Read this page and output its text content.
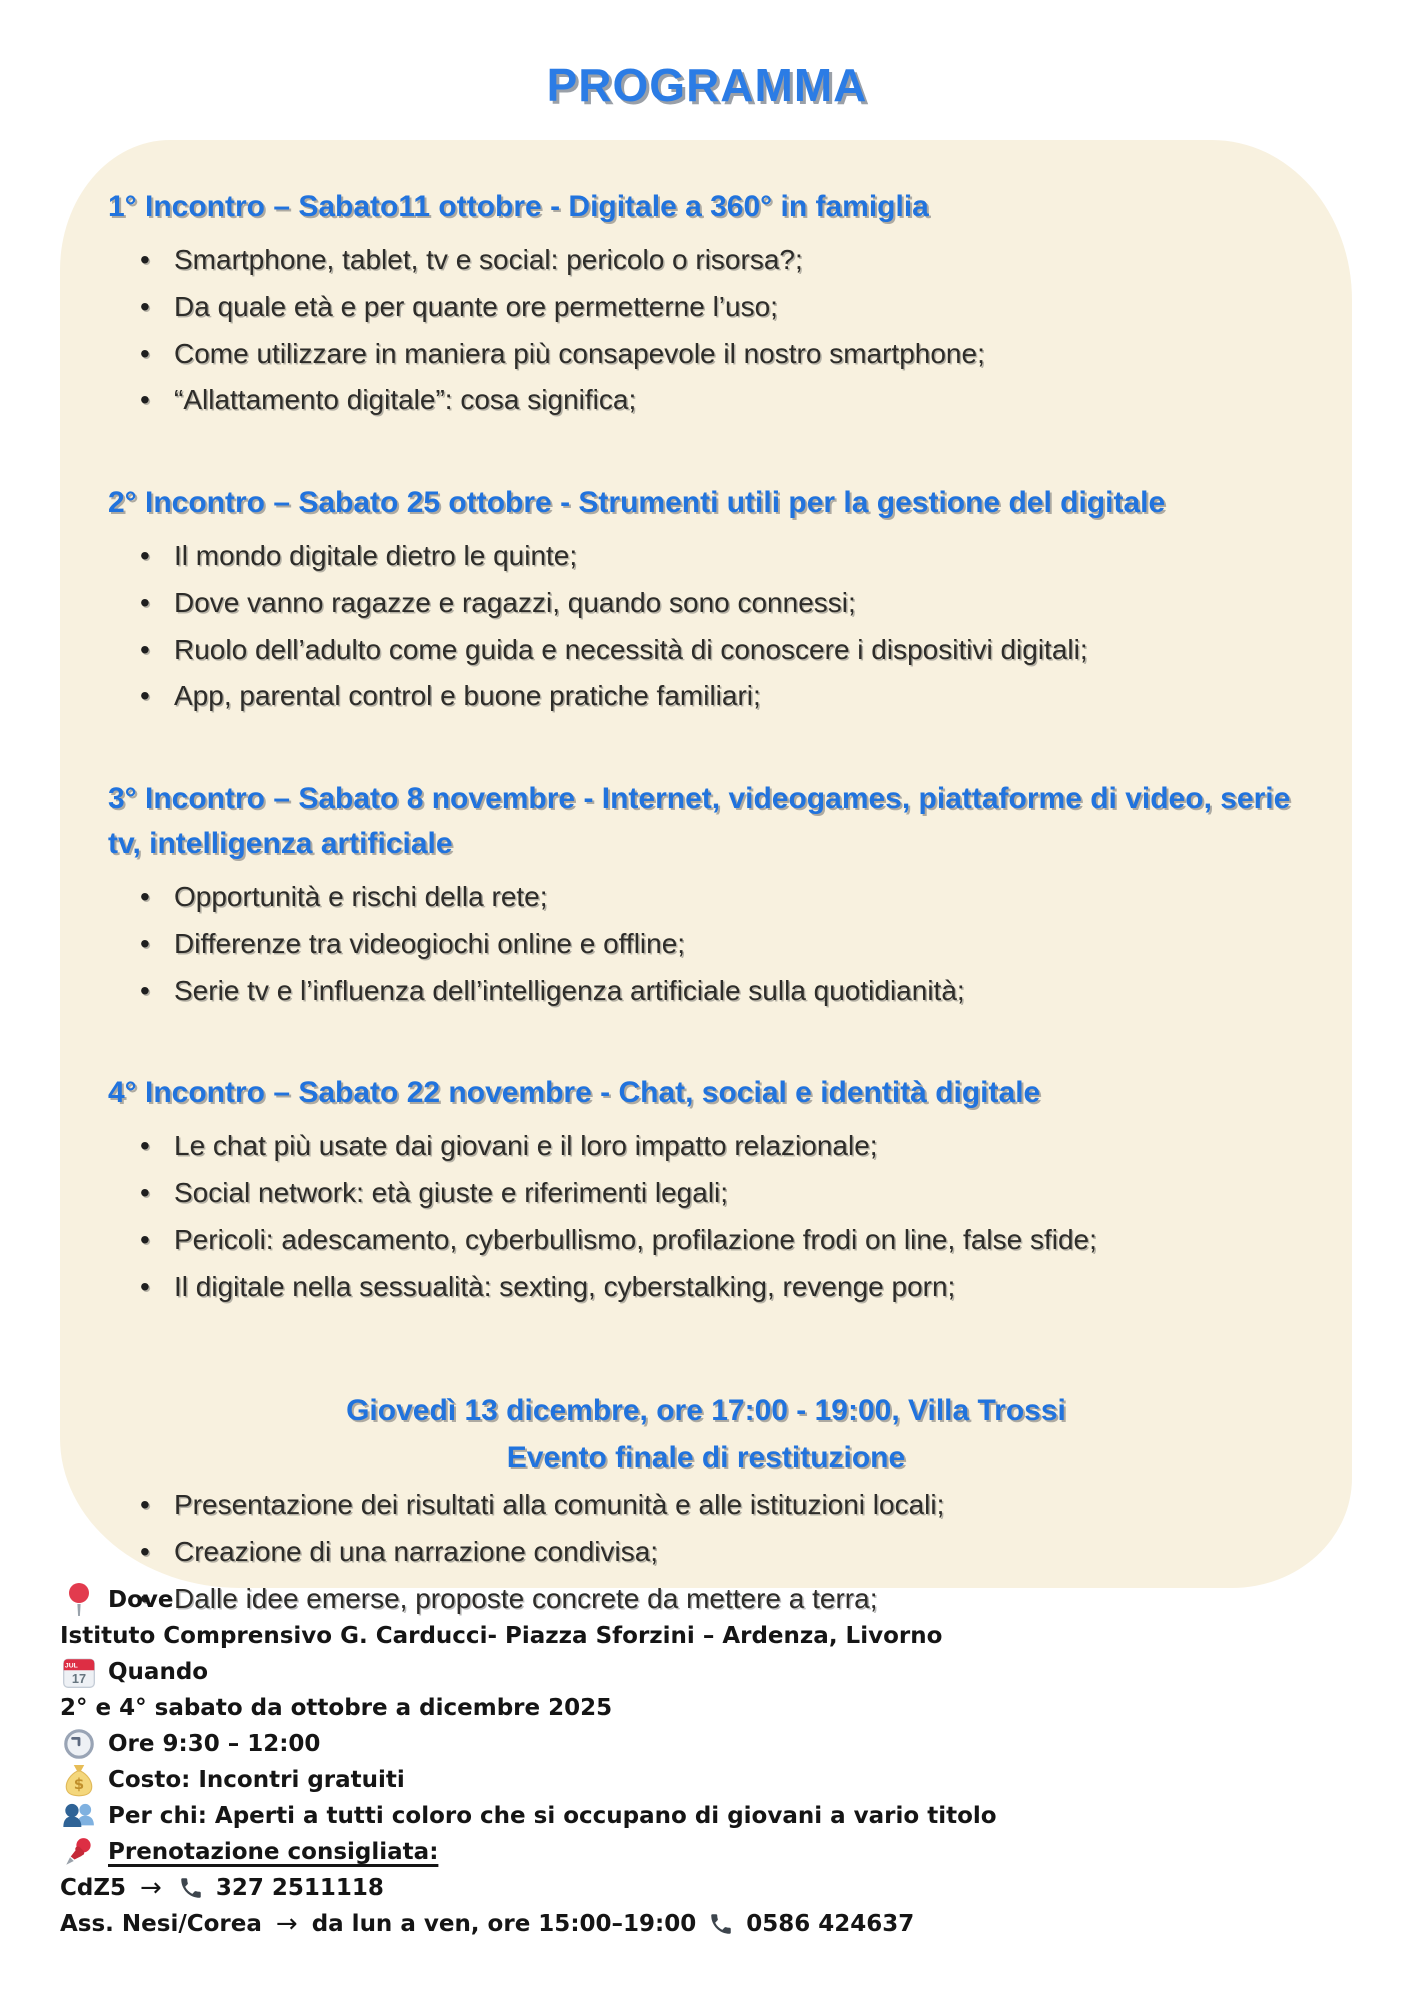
PROGRAMMA
1° Incontro – Sabato11 ottobre - Digitale a 360° in famiglia
• Smartphone, tablet, tv e social: pericolo o risorsa?;
• Da quale età e per quante ore permetterne l’uso;
• Come utilizzare in maniera più consapevole il nostro smartphone;
• “Allattamento digitale”: cosa significa;
2° Incontro – Sabato 25 ottobre - Strumenti utili per la gestione del digitale
• Il mondo digitale dietro le quinte;
• Dove vanno ragazze e ragazzi, quando sono connessi;
• Ruolo dell’adulto come guida e necessità di conoscere i dispositivi digitali;
• App, parental control e buone pratiche familiari;
3° Incontro – Sabato 8 novembre - Internet, videogames, piattaforme di video, serie tv, intelligenza artificiale
• Opportunità e rischi della rete;
• Differenze tra videogiochi online e offline;
• Serie tv e l’influenza dell’intelligenza artificiale sulla quotidianità;
4° Incontro – Sabato 22 novembre - Chat, social e identità digitale
• Le chat più usate dai giovani e il loro impatto relazionale;
• Social network: età giuste e riferimenti legali;
• Pericoli: adescamento, cyberbullismo, profilazione frodi on line, false sfide;
• Il digitale nella sessualità: sexting, cyberstalking, revenge porn;
Giovedì 13 dicembre, ore 17:00 - 19:00, Villa Trossi
Evento finale di restituzione
• Presentazione dei risultati alla comunità e alle istituzioni locali;
• Creazione di una narrazione condivisa;
• Dalle idee emerse, proposte concrete da mettere a terra;
Dove
Istituto Comprensivo G. Carducci- Piazza Sforzini – Ardenza, Livorno
JUL
17 Quando
2° e 4° sabato da ottobre a dicembre 2025
Ore 9:30 – 12:00
$ Costo: Incontri gratuiti
Per chi: Aperti a tutti coloro che si occupano di giovani a vario titolo
Prenotazione consigliata:
CdZ5 → 327 2511118
Ass. Nesi/Corea → da lun a ven, ore 15:00–19:00 0586 424637
